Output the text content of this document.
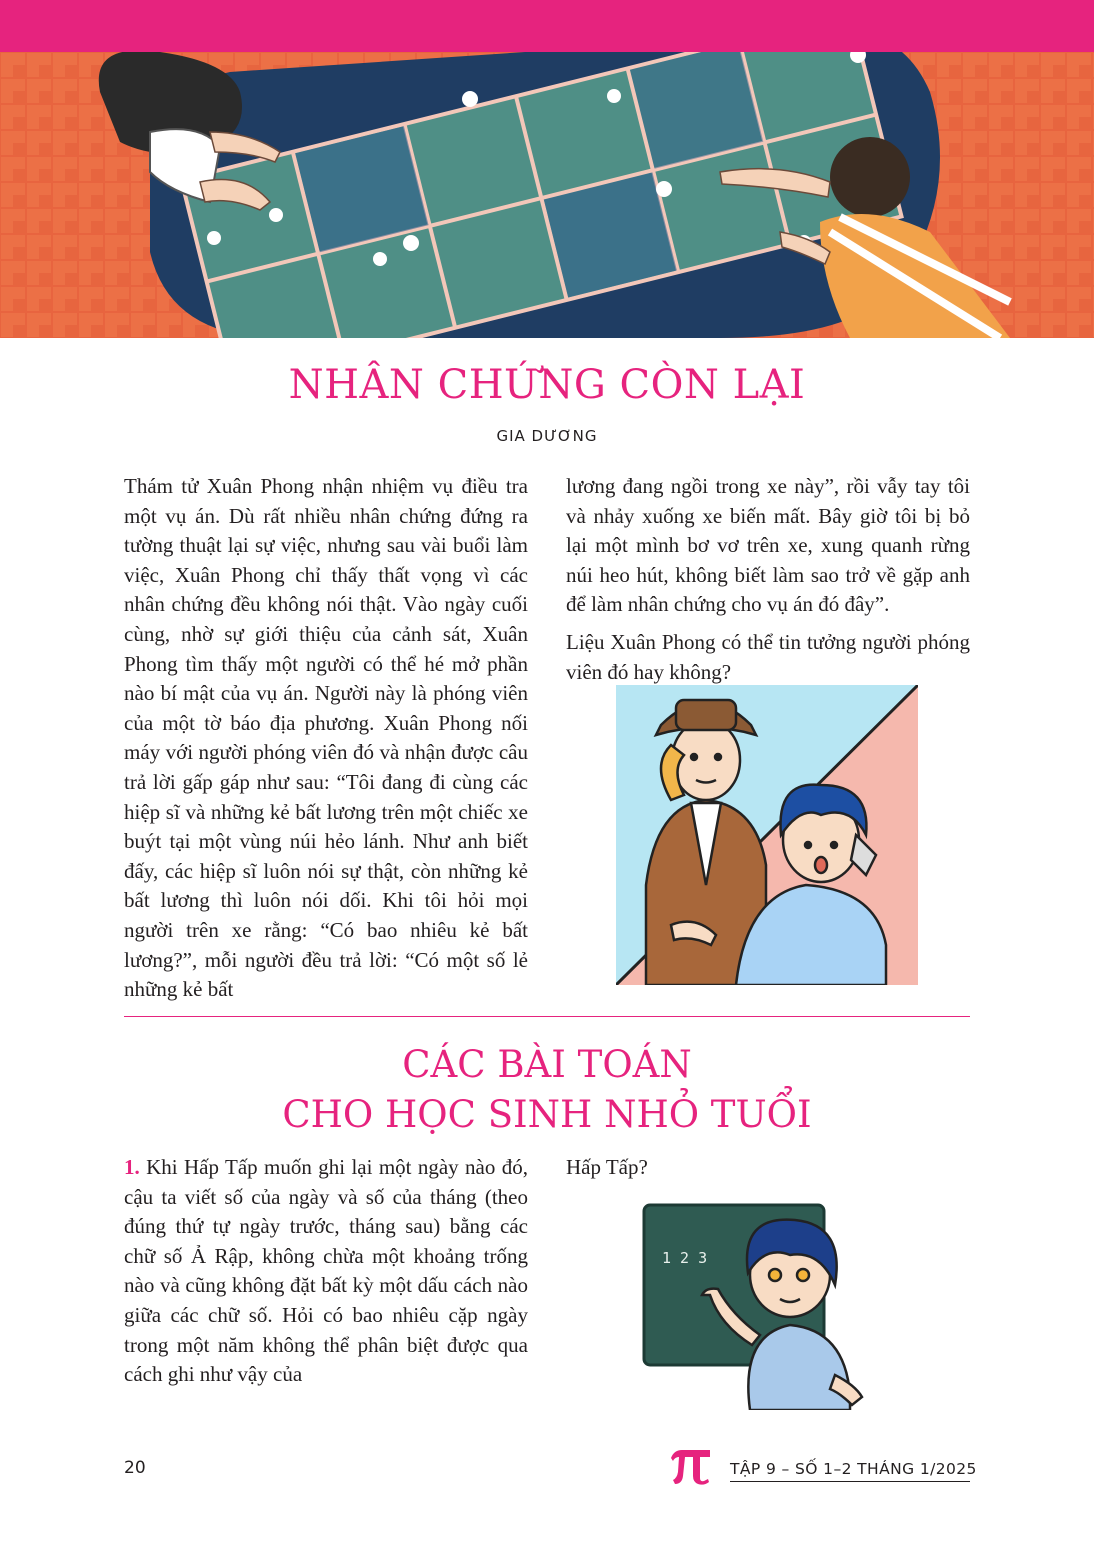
NHÂN CHỨNG CÒN LẠI
GIA DƯƠNG

Thám tử Xuân Phong nhận nhiệm vụ điều tra một vụ án. Dù rất nhiều nhân chứng đứng ra tường thuật lại sự việc, nhưng sau vài buổi làm việc, Xuân Phong chỉ thấy thất vọng vì các nhân chứng đều không nói thật. Vào ngày cuối cùng, nhờ sự giới thiệu của cảnh sát, Xuân Phong tìm thấy một người có thể hé mở phần nào bí mật của vụ án. Người này là phóng viên của một tờ báo địa phương. Xuân Phong nối máy với người phóng viên đó và nhận được câu trả lời gấp gáp như sau: “Tôi đang đi cùng các hiệp sĩ và những kẻ bất lương trên một chiếc xe buýt tại một vùng núi hẻo lánh. Như anh biết đấy, các hiệp sĩ luôn nói sự thật, còn những kẻ bất lương thì luôn nói dối. Khi tôi hỏi mọi người trên xe rằng: “Có bao nhiêu kẻ bất lương?”, mỗi người đều trả lời: “Có một số lẻ những kẻ bất

lương đang ngồi trong xe này”, rồi vẫy tay tôi và nhảy xuống xe biến mất. Bây giờ tôi bị bỏ lại một mình bơ vơ trên xe, xung quanh rừng núi heo hút, không biết làm sao trở về gặp anh để làm nhân chứng cho vụ án đó đây”.

Liệu Xuân Phong có thể tin tưởng người phóng viên đó hay không?

CÁC BÀI TOÁN
CHO HỌC SINH NHỎ TUỔI

1. Khi Hấp Tấp muốn ghi lại một ngày nào đó, cậu ta viết số của ngày và số của tháng (theo đúng thứ tự ngày trước, tháng sau) bằng các chữ số Ả Rập, không chừa một khoảng trống nào và cũng không đặt bất kỳ một dấu cách nào giữa các chữ số. Hỏi có bao nhiêu cặp ngày trong một năm không thể phân biệt được qua cách ghi như vậy của

Hấp Tấp?

1 2 3
20	TẬP 9 – SỐ 1–2 THÁNG 1/2025
